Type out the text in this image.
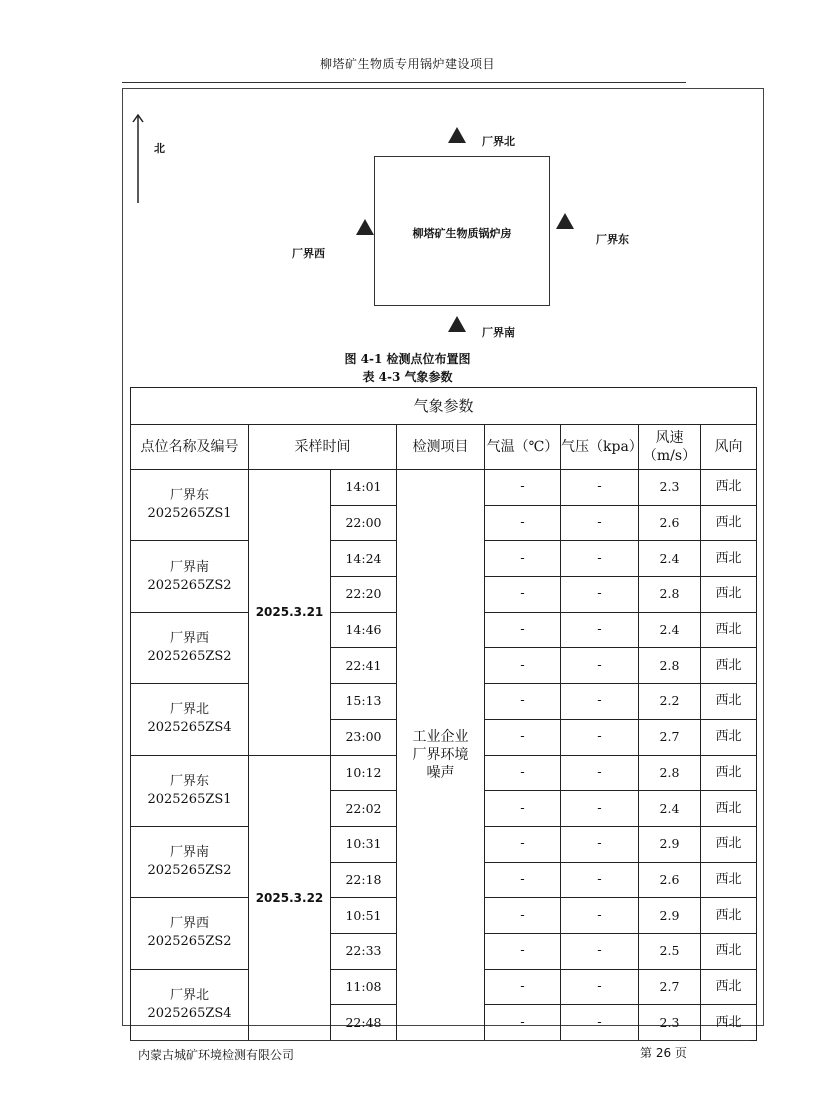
柳塔矿生物质专用锅炉建设项目
北
柳塔矿生物质锅炉房
厂界北
厂界西
厂界东
厂界南
图 4-1 检测点位布置图
表 4-3 气象参数
气象参数							
点位名称及编号	采样时间		检测项目	气温（℃）	气压（kpa）	风速（m/s）	风向

厂界东
2025265ZS1	2025.3.21	14:01	工业企业厂界环境噪声	-	-	2.3	西北
		22:00		-	-	2.6	西北

厂界南
2025265ZS2		14:24		-	-	2.4	西北
		22:20		-	-	2.8	西北

厂界西
2025265ZS2		14:46		-	-	2.4	西北
		22:41		-	-	2.8	西北

厂界北
2025265ZS4		15:13		-	-	2.2	西北
		23:00		-	-	2.7	西北

厂界东
2025265ZS1	2025.3.22	10:12		-	-	2.8	西北
		22:02		-	-	2.4	西北

厂界南
2025265ZS2		10:31		-	-	2.9	西北
		22:18		-	-	2.6	西北

厂界西
2025265ZS2		10:51		-	-	2.9	西北
		22:33		-	-	2.5	西北

厂界北
2025265ZS4		11:08		-	-	2.7	西北
		22:48		-	-	2.3	西北
内蒙古城矿环境检测有限公司	第 26 页
